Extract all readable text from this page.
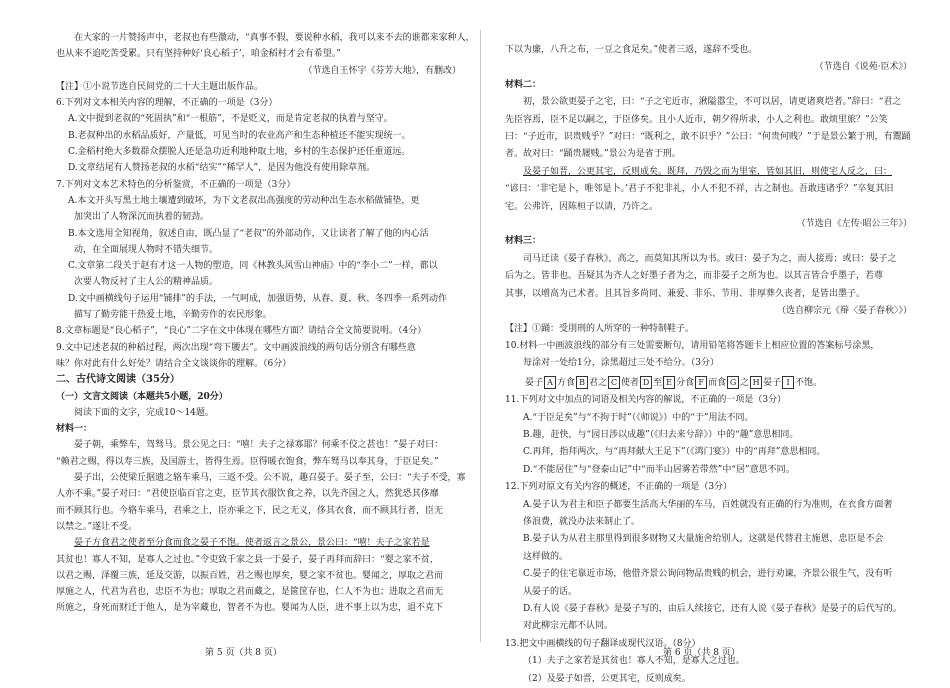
在大家的一片赞扬声中，老叔也有些激动，“真事不假，要说种水稻，我可以来不去的谁都来家种人，

也从来不追吃苦受累。只有坚持种好‘良心稻子’，咱金稻村才会有希望。”

（节选自王怀宇《芬芳大地》，有删改）

【注】①小说节选自民间党的二十大主题出版作品。

6.下列对文本相关内容的理解，不正确的一项是（3分）

A.文中提到老叔的“死固执”和“一根筋”，不是贬义，而是肯定老叔的执着与坚守。

B.老叔种出的水稻品质好，产量低，可见当时的农业高产和生态种植还不能实现统一。

C.金稻村绝大多数群众摆脱人还是急功近利地种取土地，乡村的生态保护还任重道远。

D.文章结尾有人赞扬老叔的水稻“结实”“稀罕人”，是因为他没有使用除草剂。

7.下列对文本艺术特色的分析鉴赏，不正确的一项是（3分）

A.本文开头写黑土地土壤遭到破坏，为下文老叔出高强度的劳动种出生态水稻做铺垫，更

加突出了人物深沉而执着的韧劲。

B.本文选用全知视角，叙述自由，既凸显了“老叔”的外部动作，又让读者了解了他的内心活

动，在全面展现人物时不错失细节。

C.文章第二段关于赵有才这一人物的塑造，同《林教头风雪山神庙》中的“李小二”一样，都以

次要人物反衬了主人公的精神品质。

D.文中画横线句子运用“铺排”的手法，一气呵成，加强语势，从春、夏、秋、冬四季一系列动作

描写了勤劳能干热爱土地，辛勤劳作的农民形象。

8.文章标题是“良心稻子”，“良心”二字在文中体现在哪些方面？请结合全文简要说明。（4分）

9.文中记述老叔的种稻过程，两次出现“弯下腰去”。文中画波浪线的两句话分别含有哪些意

味？你对此有什么好处？请结合全文谈谈你的理解。（6分）

二、古代诗文阅读（35分）

（一）文言文阅读（本题共5小题，20分）

阅读下面的文字，完成10～14题。

材料一：

晏子朝，乘弊车，驾驽马。景公见之曰：“嘻！夫子之禄寡耶？何乘不佼之甚也！”晏子对曰：

“赖君之赐，得以寿三族，及国游士，皆得生焉。臣得暖衣饱食，弊车驽马以奉其身，于臣足矣。”

晏子出，公使梁丘据遗之辂车乘马，三返不受。公不说，趣召晏子。晏子至，公曰：“夫子不受，寡

人亦不乘。”晏子对曰：“君使臣临百官之吏，臣节其衣服饮食之养，以先齐国之人，然犹恐其侈靡

而不顾其行也。今辂车乘马，君乘之上，臣亦乘之下，民之无义，侈其衣食，而不顾其行者，臣无

以禁之。”遂让不受。

晏子方食君之使者至分食而食之晏子不饱。使者返言之景公，景公曰：“嘻！夫子之家若是

其贫也！寡人不知，是寡人之过也。”令吏致千家之县一于晏子，晏子再拜而辞曰：“婴之家不贫，

以君之赐，泽覆三族，延及交游，以振百姓，君之赐也厚矣，婴之家不贫也。婴闻之，厚取之君而

厚施之人，代君为君也，忠臣不为也；厚取之君而藏之，是篋筐存也，仁人不为也；进取之君而无

所施之，身死而财迁于他人，是为宰藏也，智者不为也。婴闻为人臣，进不事上以为忠，退不克下

第 5 页（共 8 页）

下以为廉，八升之布，一豆之食足矣。”使者三返，遂辞不受也。

（节选自《说苑·臣术》）

材料二：

初，景公欲更晏子之宅，曰：“子之宅近市，湫隘嚣尘，不可以居，请更诸爽垲者。”辞曰：“君之

先臣容焉，臣不足以嗣之，于臣侈矣。且小人近市，朝夕得所求，小人之利也。敢烦里旅？”公笑

曰：“子近市，识贵贱乎？”对曰：“既利之，敢不识乎？”公曰：“何贵何贱？”于是景公繁于刑，有鬻踊

者。故对曰：“踊贵屦贱。”景公为是省于刑。

及晏子如晋，公更其宅，反则成矣。既拜，乃毁之而为里室，皆如其旧，则使宅人反之，曰：

“谚曰：‘非宅是卜，唯邻是卜。’君子不犯非礼，小人不犯不祥，古之制也。吾敢违诸乎？”卒复其旧

宅。公弗许，因陈桓子以请，乃许之。

（节选自《左传·昭公三年》）

材料三：

司马迁读《晏子春秋》，高之，而莫知其所以为书。或曰：晏子为之，而人接焉；或曰：晏子之

后为之。皆非也。吾疑其为齐人之好墨子者为之，而非晏子之所为也。以其言皆合乎墨子，若尊

其事，以增高为己术者。且其旨多尚同、兼爱、非乐、节用、非厚葬久丧者，是皆出墨子。

（选自柳宗元《辩〈晏子春秋〉》）

【注】①踊：受刖刑的人所穿的一种特制鞋子。

10.材料一中画波浪线的部分有三处需要断句，请用铅笔将答题卡上相应位置的答案标号涂黑，

每涂对一处给1分，涂黑超过三处不给分。（3分）

晏子 A 方食 B 君之 C 使者 D 至 E 分食 F 而食 G 之 H 晏子 I 不饱。

11.下列对文中加点的词语及相关内容的解说，不正确的一项是（3分）

A.“于臣足矣”与“不拘于时”（《师说》）中的“于”用法不同。

B.趣，赶快，与“园日涉以成趣”（《归去来兮辞》）中的“趣”意思相同。

C.再拜，指拜两次，与“再拜献大王足下”（《鸿门宴》）中的“再拜”意思相同。

D.“不能居住”与“登泰山记”中“而半山居雾若带然”中“居”意思不同。

12.下列对原文有关内容的概述，不正确的一项是（3分）

A.晏子认为君主和臣子都要生活高大华丽的车马，百姓就没有正确的行为准则，在衣食方面奢

侈浪费，就没办法来制止了。

B.晏子认为从君主那里得到很多财物又大量施舍给别人，这就是代替君主施恩，忠臣是不会

这样做的。

C.晏子的住宅靠近市场，他借齐景公询问物品贵贱的机会，进行劝谏，齐景公很生气，没有听

从晏子的话。

D.有人说《晏子春秋》是晏子写的，由后人续接它，还有人说《晏子春秋》是晏子的后代写的。

对此柳宗元都不认同。

13.把文中画横线的句子翻译成现代汉语。（8分）

（1）夫子之家若是其贫也！寡人不知，是寡人之过也。

（2）及晏子如晋，公更其宅，反则成矣。

第 6 页（共 8 页）
